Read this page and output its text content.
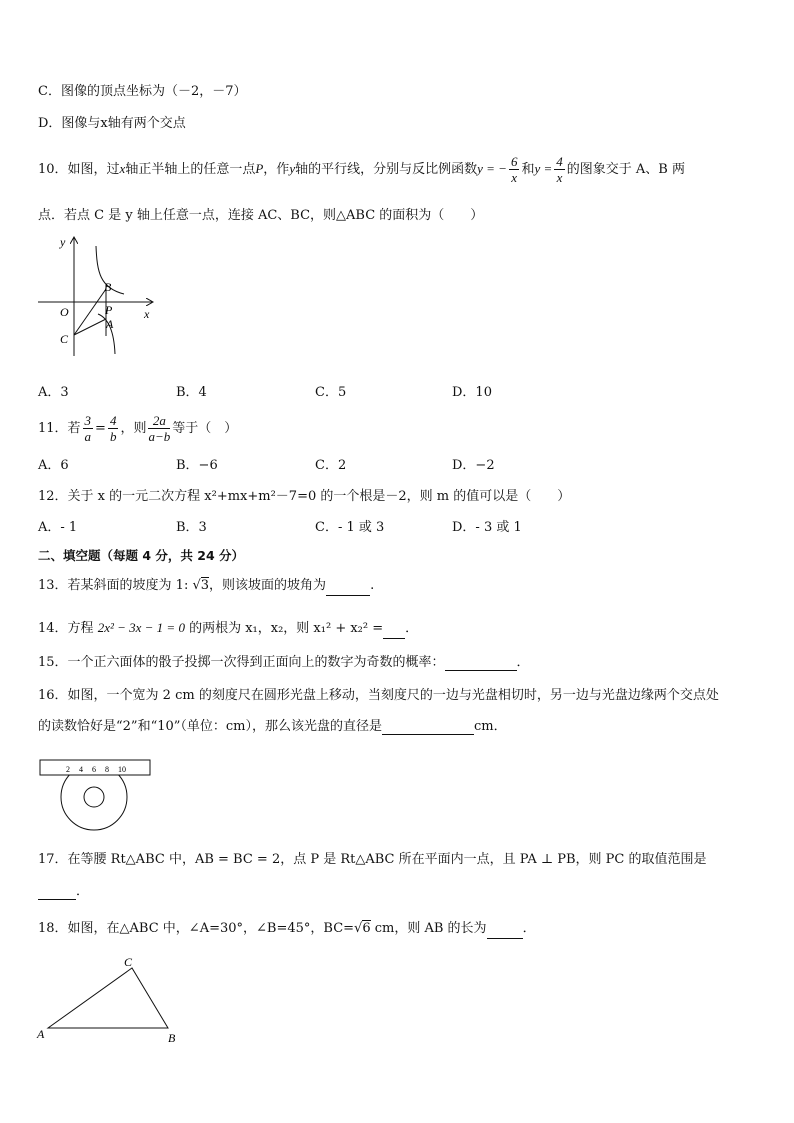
C．图像的顶点坐标为（－2，－7）
D．图像与x轴有两个交点
10．如图，过x轴正半轴上的任意一点P，作y轴的平行线，分别与反比例函数y = − $\frac{6}{x}$ 和$y = \frac{4}{x}$ 的图象交于 A、B 两
点．若点 C 是 y 轴上任意一点，连接 AC、BC，则△ABC 的面积为（　　）
y
x
O
B
P
A
C
A．3	B．4	C．5	D．10
11．若 $\frac{3}{a} = \frac{4}{b}$ ，则 $\frac{2a}{a-b}$ 等于（　）
A．6	B．−6	C．2	D．−2
12．关于 x 的一元二次方程 x²+mx+m²－7=0 的一个根是－2，则 m 的值可以是（　　）
A．- 1	B．3	C．- 1 或 3	D．- 3 或 1
二、填空题（每题 4 分，共 24 分）
13．若某斜面的坡度为 1: √3，则该坡面的坡角为	.
14．方程 2x² − 3x − 1 = 0 的两根为 x₁，x₂，则 x₁² + x₂² = ．
15．一个正六面体的骰子投掷一次得到正面向上的数字为奇数的概率：	．
16．如图，一个宽为 2 cm 的刻度尺在圆形光盘上移动，当刻度尺的一边与光盘相切时，另一边与光盘边缘两个交点处
的读数恰好是“2”和“10”（单位：cm），那么该光盘的直径是	cm．
2 4 6 8 10
17．在等腰 Rt△ABC 中，AB = BC = 2，点 P 是 Rt△ABC 所在平面内一点，且 PA ⊥ PB，则 PC 的取值范围是
．
18．如图，在△ABC 中，∠A=30°，∠B=45°，BC=√6 cm，则 AB 的长为	．
C
A	B
